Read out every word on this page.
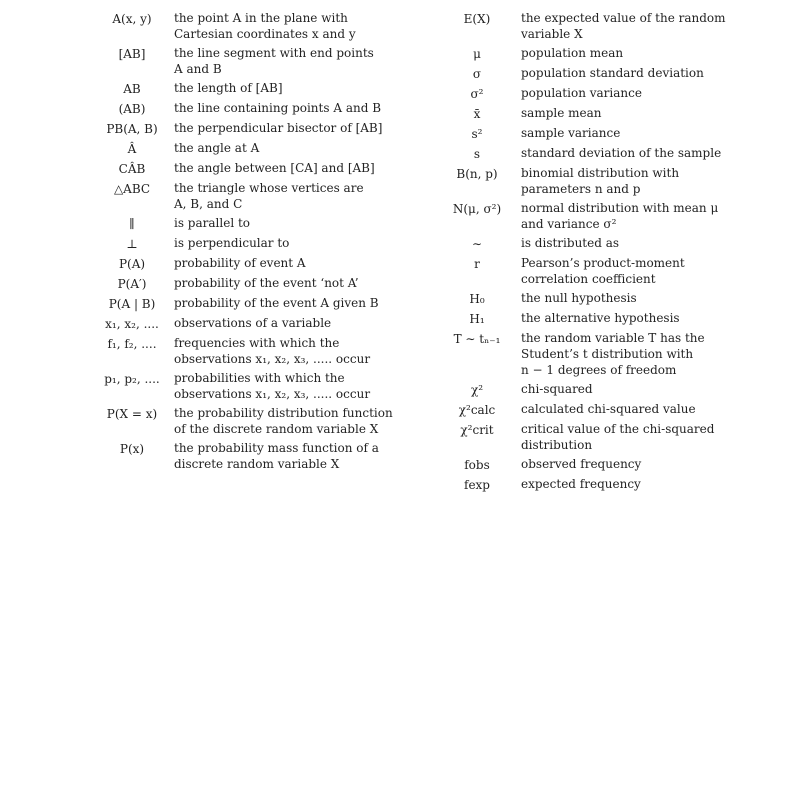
A(x, y)	the point A in the plane with
Cartesian coordinates x and y
[AB]	the line segment with end points
A and B
AB	the length of [AB]
(AB)	the line containing points A and B
PB(A, B)	the perpendicular bisector of [AB]
Â	the angle at A
CÂB	the angle between [CA] and [AB]
△ABC	the triangle whose vertices are
A, B, and C
∥	is parallel to
⊥	is perpendicular to
P(A)	probability of event A
P(A′)	probability of the event ‘not A’
P(A | B)	probability of the event A given B
x₁, x₂, ....	observations of a variable
f₁, f₂, ....	frequencies with which the
observations x₁, x₂, x₃, ..... occur
p₁, p₂, ....	probabilities with which the
observations x₁, x₂, x₃, ..... occur
P(X = x)	the probability distribution function
of the discrete random variable X
P(x)	the probability mass function of a
discrete random variable X
E(X)	the expected value of the random
variable X
μ	population mean
σ	population standard deviation
σ²	population variance
x̄	sample mean
s²	sample variance
s	standard deviation of the sample
B(n, p)	binomial distribution with
parameters n and p
N(μ, σ²)	normal distribution with mean μ
and variance σ²
∼	is distributed as
r	Pearson’s product-moment
correlation coefficient
H₀	the null hypothesis
H₁	the alternative hypothesis
T ∼ tₙ₋₁	the random variable T has the
Student’s t distribution with
n − 1 degrees of freedom
χ²	chi-squared
χ²calc	calculated chi-squared value
χ²crit	critical value of the chi-squared
distribution
fobs	observed frequency
fexp	expected frequency
